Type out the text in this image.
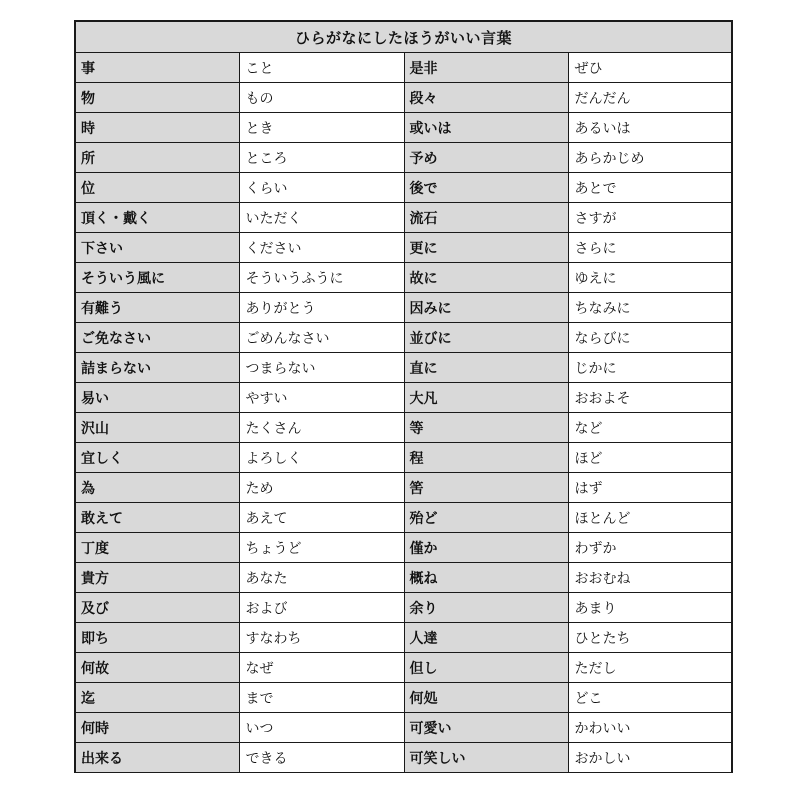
ひらがなにしたほうがいい言葉			
事	こと	是非	ぜひ
物	もの	段々	だんだん
時	とき	或いは	あるいは
所	ところ	予め	あらかじめ
位	くらい	後で	あとで
頂く・戴く	いただく	流石	さすが
下さい	ください	更に	さらに
そういう風に	そういうふうに	故に	ゆえに
有難う	ありがとう	因みに	ちなみに
ご免なさい	ごめんなさい	並びに	ならびに
詰まらない	つまらない	直に	じかに
易い	やすい	大凡	おおよそ
沢山	たくさん	等	など
宜しく	よろしく	程	ほど
為	ため	筈	はず
敢えて	あえて	殆ど	ほとんど
丁度	ちょうど	僅か	わずか
貴方	あなた	概ね	おおむね
及び	および	余り	あまり
即ち	すなわち	人達	ひとたち
何故	なぜ	但し	ただし
迄	まで	何処	どこ
何時	いつ	可愛い	かわいい
出来る	できる	可笑しい	おかしい
